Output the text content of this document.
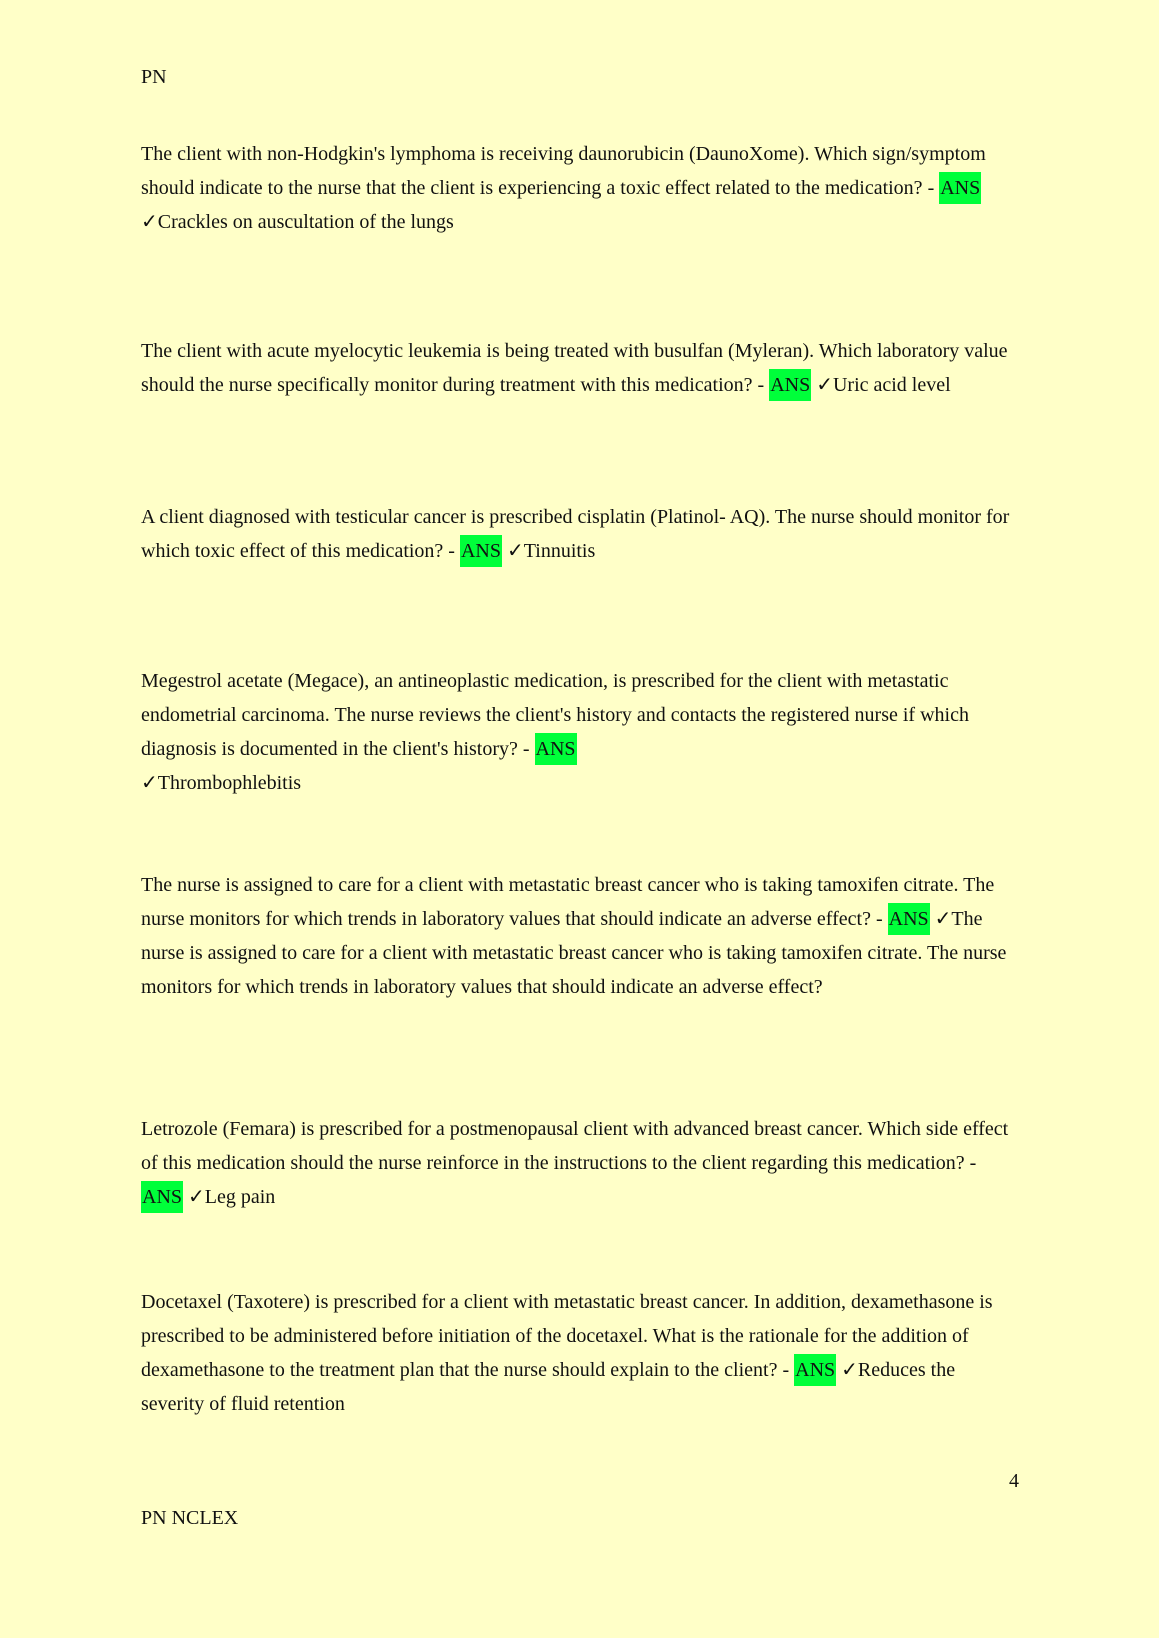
PN
The client with non-Hodgkin's lymphoma is receiving daunorubicin (DaunoXome). Which sign/symptom should indicate to the nurse that the client is experiencing a toxic effect related to the medication? - ANS
✓Crackles on auscultation of the lungs
The client with acute myelocytic leukemia is being treated with busulfan (Myleran). Which laboratory value should the nurse specifically monitor during treatment with this medication? - ANS ✓Uric acid level
A client diagnosed with testicular cancer is prescribed cisplatin (Platinol- AQ). The nurse should monitor for which toxic effect of this medication? - ANS ✓Tinnuitis
Megestrol acetate (Megace), an antineoplastic medication, is prescribed for the client with metastatic endometrial carcinoma. The nurse reviews the client's history and contacts the registered nurse if which diagnosis is documented in the client's history? - ANS
✓Thrombophlebitis
The nurse is assigned to care for a client with metastatic breast cancer who is taking tamoxifen citrate. The nurse monitors for which trends in laboratory values that should indicate an adverse effect? - ANS ✓The nurse is assigned to care for a client with metastatic breast cancer who is taking tamoxifen citrate. The nurse monitors for which trends in laboratory values that should indicate an adverse effect?
Letrozole (Femara) is prescribed for a postmenopausal client with advanced breast cancer. Which side effect of this medication should the nurse reinforce in the instructions to the client regarding this medication? - ANS ✓Leg pain
Docetaxel (Taxotere) is prescribed for a client with metastatic breast cancer. In addition, dexamethasone is prescribed to be administered before initiation of the docetaxel. What is the rationale for the addition of dexamethasone to the treatment plan that the nurse should explain to the client? - ANS ✓Reduces the severity of fluid retention
4
PN NCLEX
